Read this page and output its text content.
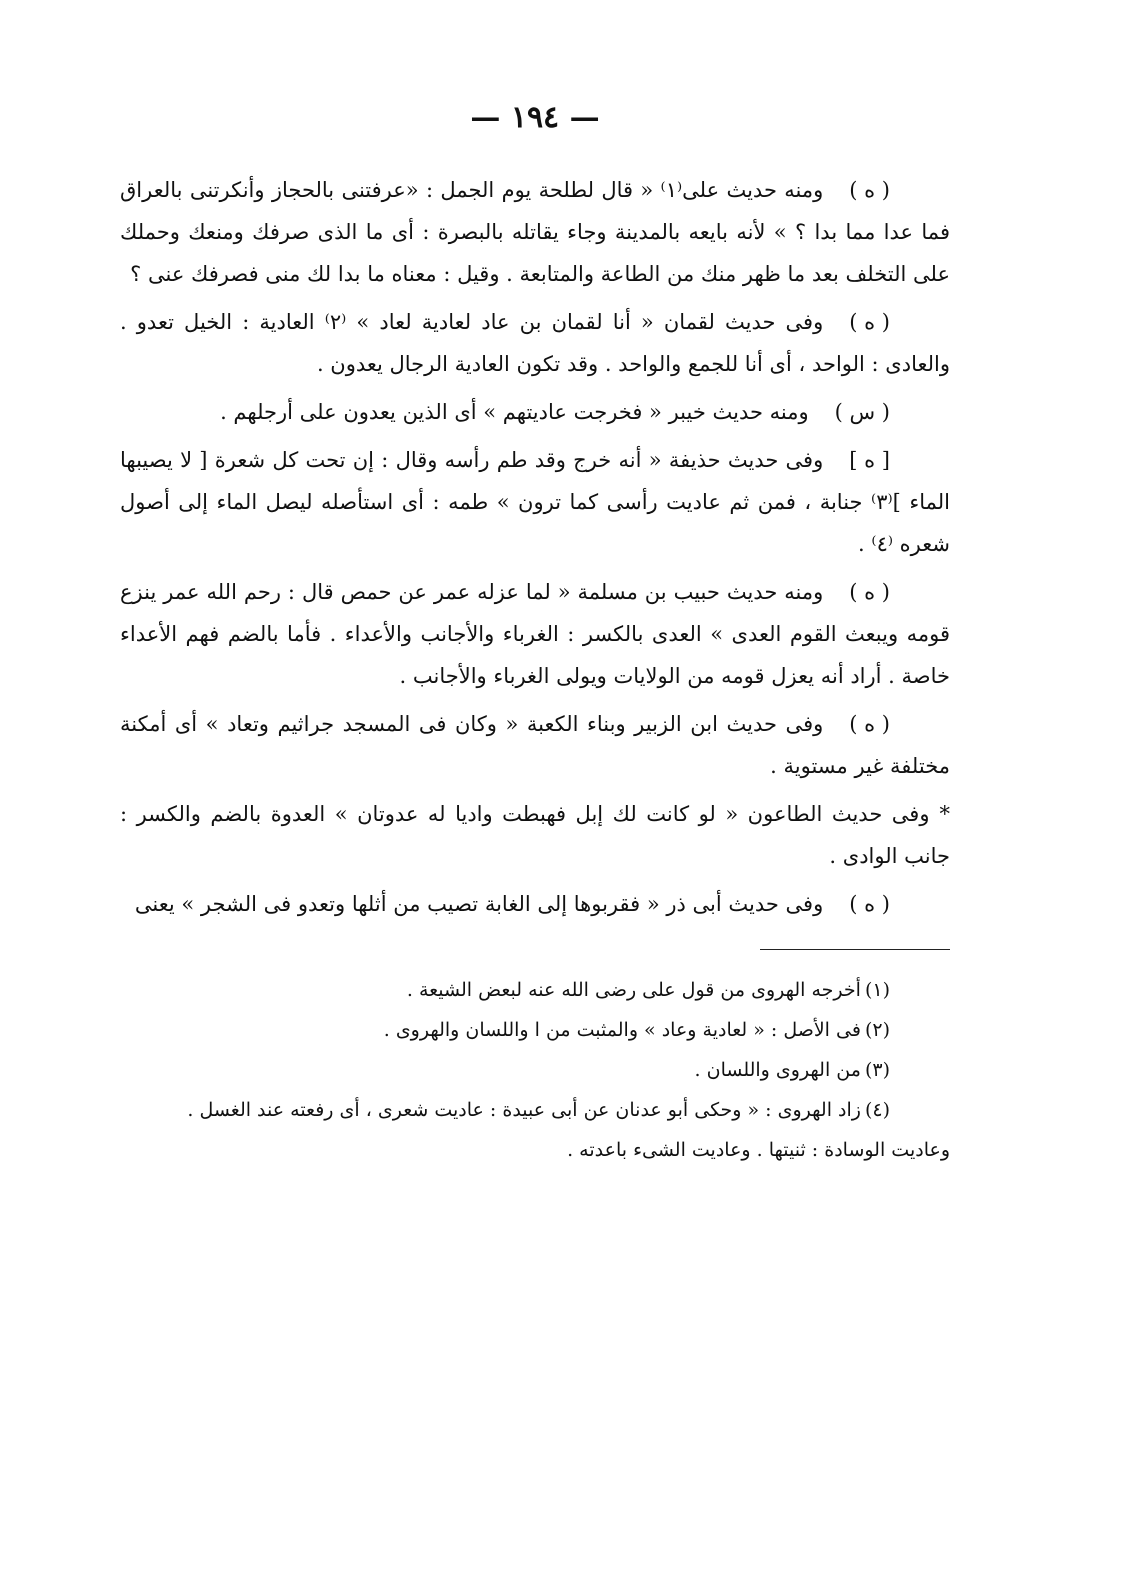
— ١٩٤ —

( ه )ومنه حديث على⁽١⁾ « قال لطلحة يوم الجمل : «عرفتنى بالحجاز وأنكرتنى بالعراق فما عدا مما بدا ؟ » لأنه بايعه بالمدينة وجاء يقاتله بالبصرة : أى ما الذى صرفك ومنعك وحملك على التخلف بعد ما ظهر منك من الطاعة والمتابعة . وقيل : معناه ما بدا لك منى فصرفك عنى ؟

( ه )وفى حديث لقمان « أنا لقمان بن عاد لعادية لعاد » ⁽٢⁾ العادية : الخيل تعدو . والعادى : الواحد ، أى أنا للجمع والواحد . وقد تكون العادية الرجال يعدون .

( س )ومنه حديث خيبر « فخرجت عاديتهم » أى الذين يعدون على أرجلهم .

[ ه ]وفى حديث حذيفة « أنه خرج وقد طم رأسه وقال : إن تحت كل شعرة [ لا يصيبها الماء ]⁽٣⁾ جنابة ، فمن ثم عاديت رأسى كما ترون » طمه : أى استأصله ليصل الماء إلى أصول شعره ⁽٤⁾ .

( ه )ومنه حديث حبيب بن مسلمة « لما عزله عمر عن حمص قال : رحم الله عمر ينزع قومه ويبعث القوم العدى » العدى بالكسر : الغرباء والأجانب والأعداء . فأما بالضم فهم الأعداء خاصة . أراد أنه يعزل قومه من الولايات ويولى الغرباء والأجانب .

( ه )وفى حديث ابن الزبير وبناء الكعبة « وكان فى المسجد جراثيم وتعاد » أى أمكنة مختلفة غير مستوية .

*وفى حديث الطاعون « لو كانت لك إبل فهبطت واديا له عدوتان » العدوة بالضم والكسر : جانب الوادى .

( ه )وفى حديث أبى ذر « فقربوها إلى الغابة تصيب من أثلها وتعدو فى الشجر » يعنى

(١)أخرجه الهروى من قول على رضى الله عنه لبعض الشيعة .

(٢)فى الأصل : « لعادية وعاد » والمثبت من ا واللسان والهروى .

(٣)من الهروى واللسان .

(٤)زاد الهروى : « وحكى أبو عدنان عن أبى عبيدة : عاديت شعرى ، أى رفعته عند الغسل .

وعاديت الوسادة : ثنيتها . وعاديت الشىء باعدته .
